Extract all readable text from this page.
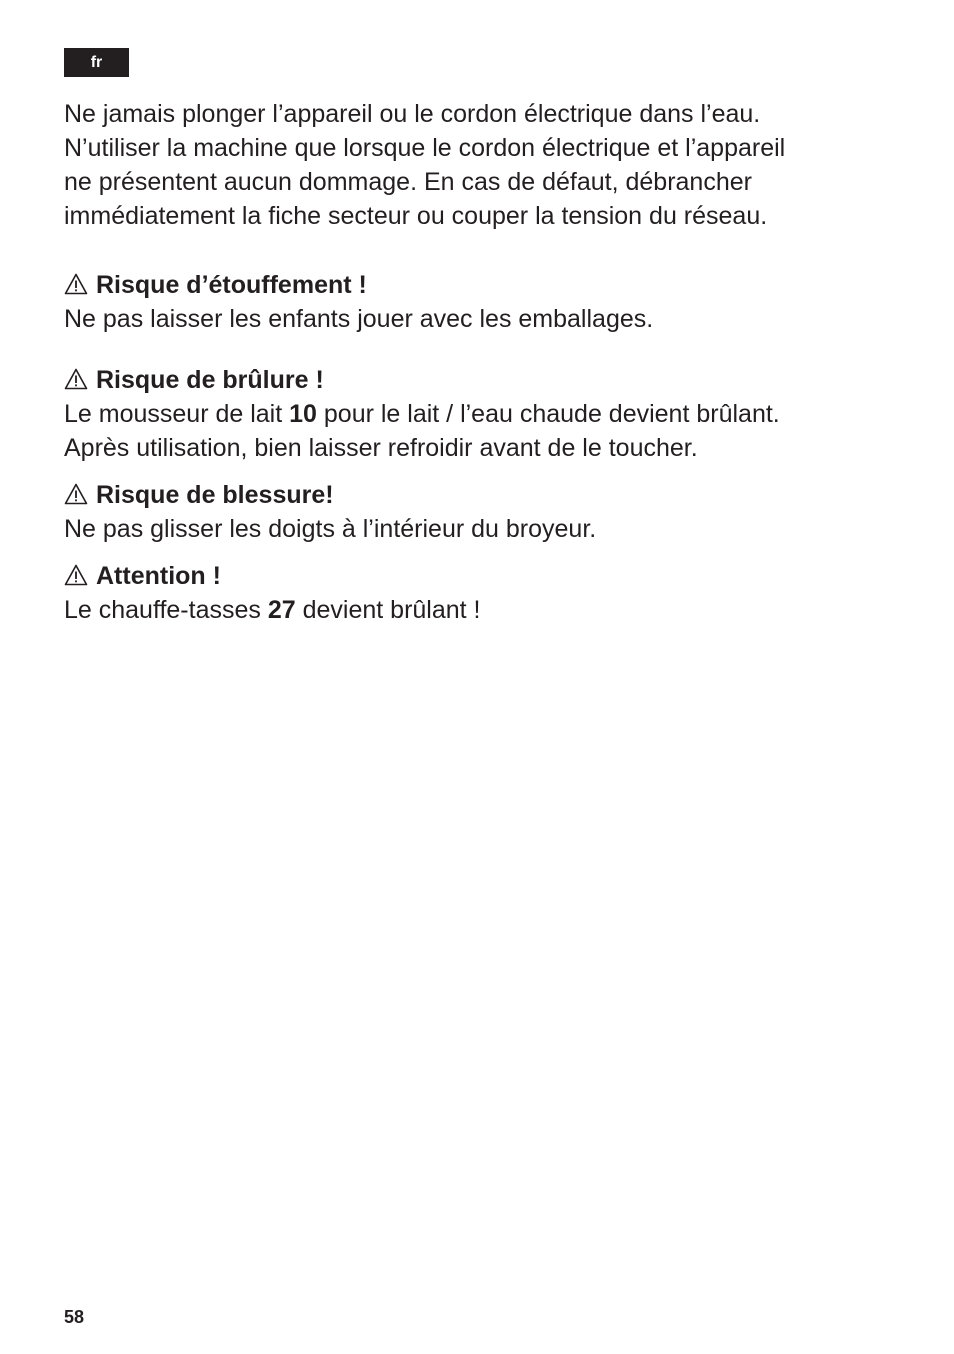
fr

Ne jamais plonger l’appareil ou le cordon électrique dans l’eau.

N’utiliser la machine que lorsque le cordon électrique et l’appareil

ne présentent aucun dommage. En cas de défaut, débrancher

immédiatement la fiche secteur ou couper la tension du réseau.

Risque d’étouffement !

Ne pas laisser les enfants jouer avec les emballages.

Risque de brûlure !

Le mousseur de lait 10 pour le lait / l’eau chaude devient brûlant.

Après utilisation, bien laisser refroidir avant de le toucher.

Risque de blessure!

Ne pas glisser les doigts à l’intérieur du broyeur.

Attention !

Le chauffe-tasses 27 devient brûlant !

58
